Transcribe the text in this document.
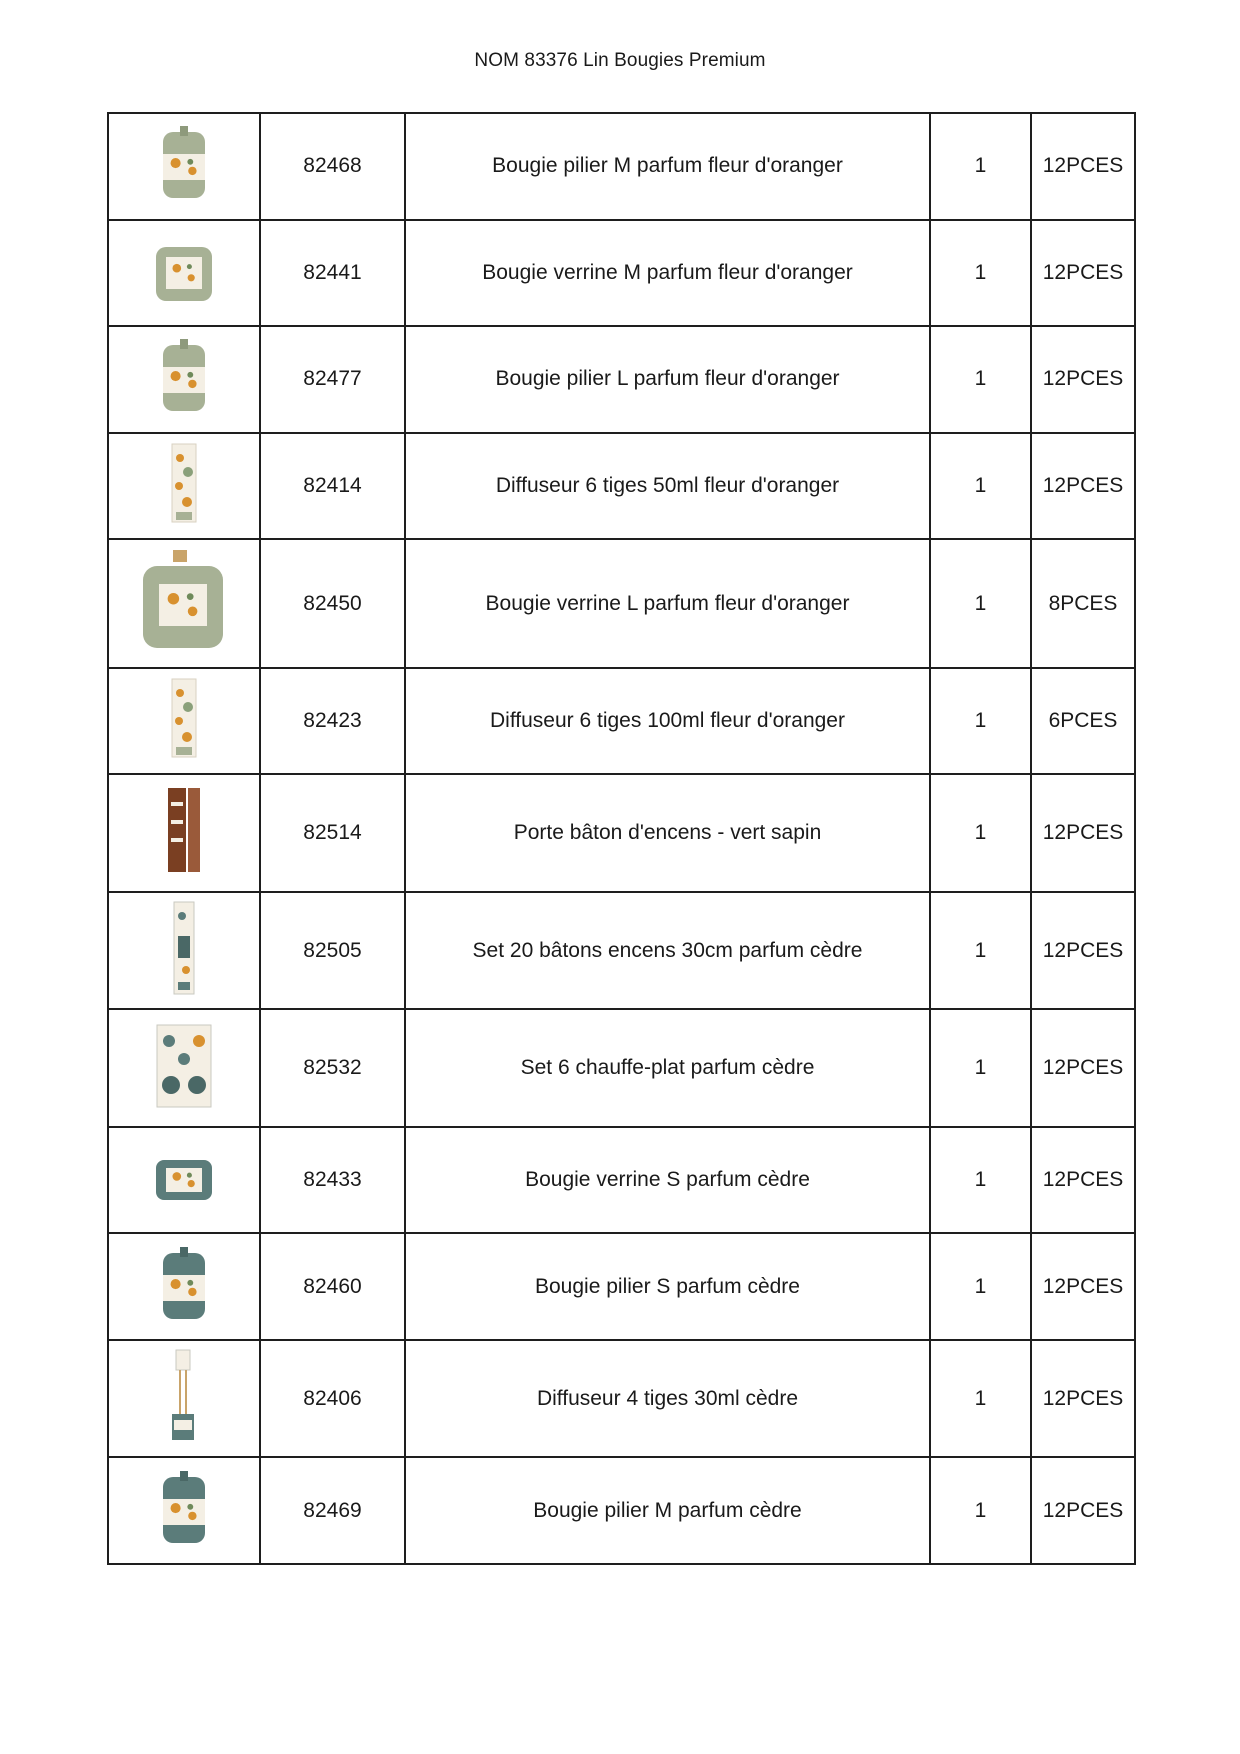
NOM 83376 Lin Bougies Premium
	82468	Bougie pilier M parfum fleur d'oranger	1	12PCES

	82441	Bougie verrine M parfum fleur d'oranger	1	12PCES

	82477	Bougie pilier L parfum fleur d'oranger	1	12PCES

	82414	Diffuseur 6 tiges 50ml fleur d'oranger	1	12PCES

	82450	Bougie verrine L parfum fleur d'oranger	1	8PCES

	82423	Diffuseur 6 tiges 100ml fleur d'oranger	1	6PCES

	82514	Porte bâton d'encens - vert sapin	1	12PCES

	82505	Set 20 bâtons encens 30cm parfum cèdre	1	12PCES

	82532	Set 6 chauffe-plat parfum cèdre	1	12PCES

	82433	Bougie verrine S parfum cèdre	1	12PCES

	82460	Bougie pilier S parfum cèdre	1	12PCES

	82406	Diffuseur 4 tiges 30ml cèdre	1	12PCES

	82469	Bougie pilier M parfum cèdre	1	12PCES
